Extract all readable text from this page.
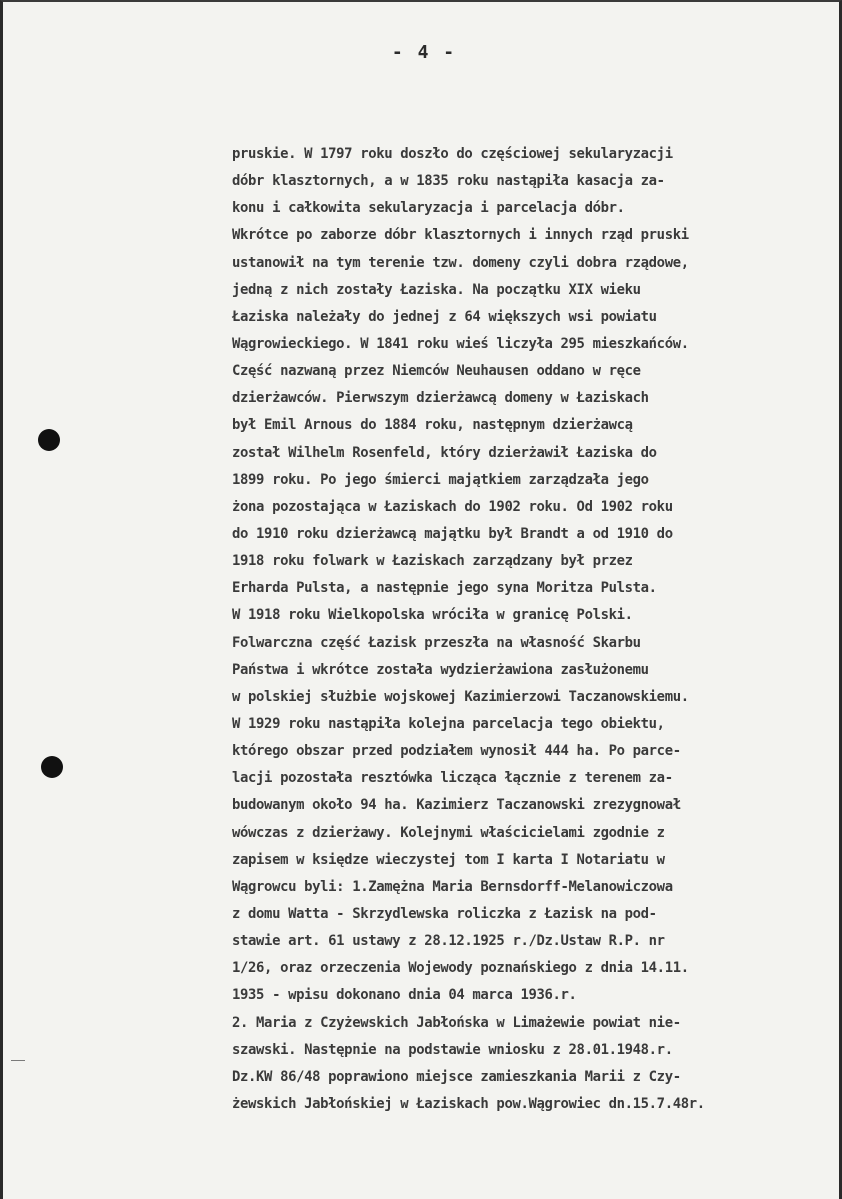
- 4 -
pruskie. W 1797 roku doszło do częściowej sekularyzacji
dóbr klasztornych, a w 1835 roku nastąpiła kasacja za-
konu i całkowita sekularyzacja i parcelacja dóbr.
Wkrótce po zaborze dóbr klasztornych i innych rząd pruski
ustanowił na tym terenie tzw. domeny czyli dobra rządowe,
jedną z nich zostały Łaziska. Na początku XIX wieku
Łaziska należały do jednej z 64 większych wsi powiatu
Wągrowieckiego. W 1841 roku wieś liczyła 295 mieszkańców.
Część nazwaną przez Niemców Neuhausen oddano w ręce
dzierżawców. Pierwszym dzierżawcą domeny w Łaziskach
był Emil Arnous do 1884 roku, następnym dzierżawcą
został Wilhelm Rosenfeld, który dzierżawił Łaziska do
1899 roku. Po jego śmierci majątkiem zarządzała jego
żona pozostająca w Łaziskach do 1902 roku. Od 1902 roku
do 1910 roku dzierżawcą majątku był Brandt a od 1910 do
1918 roku folwark w Łaziskach zarządzany był przez
Erharda Pulsta, a następnie jego syna Moritza Pulsta.
W 1918 roku Wielkopolska wróciła w granicę Polski.
Folwarczna część Łazisk przeszła na własność Skarbu
Państwa i wkrótce została wydzierżawiona zasłużonemu
w polskiej służbie wojskowej Kazimierzowi Taczanowskiemu.
W 1929 roku nastąpiła kolejna parcelacja tego obiektu,
którego obszar przed podziałem wynosił 444 ha. Po parce-
lacji pozostała resztówka licząca łącznie z terenem za-
budowanym około 94 ha. Kazimierz Taczanowski zrezygnował
wówczas z dzierżawy. Kolejnymi właścicielami zgodnie z
zapisem w księdze wieczystej tom I karta I Notariatu w
Wągrowcu byli: 1.Zamężna Maria Bernsdorff-Melanowiczowa
z domu Watta - Skrzydlewska roliczka z Łazisk na pod-
stawie art. 61 ustawy z 28.12.1925 r./Dz.Ustaw R.P. nr
1/26, oraz orzeczenia Wojewody poznańskiego z dnia 14.11.
1935 - wpisu dokonano dnia 04 marca 1936.r.
2. Maria z Czyżewskich Jabłońska w Limażewie powiat nie-
szawski. Następnie na podstawie wniosku z 28.01.1948.r.
Dz.KW 86/48 poprawiono miejsce zamieszkania Marii z Czy-
żewskich Jabłońskiej w Łaziskach pow.Wągrowiec dn.15.7.48r.
